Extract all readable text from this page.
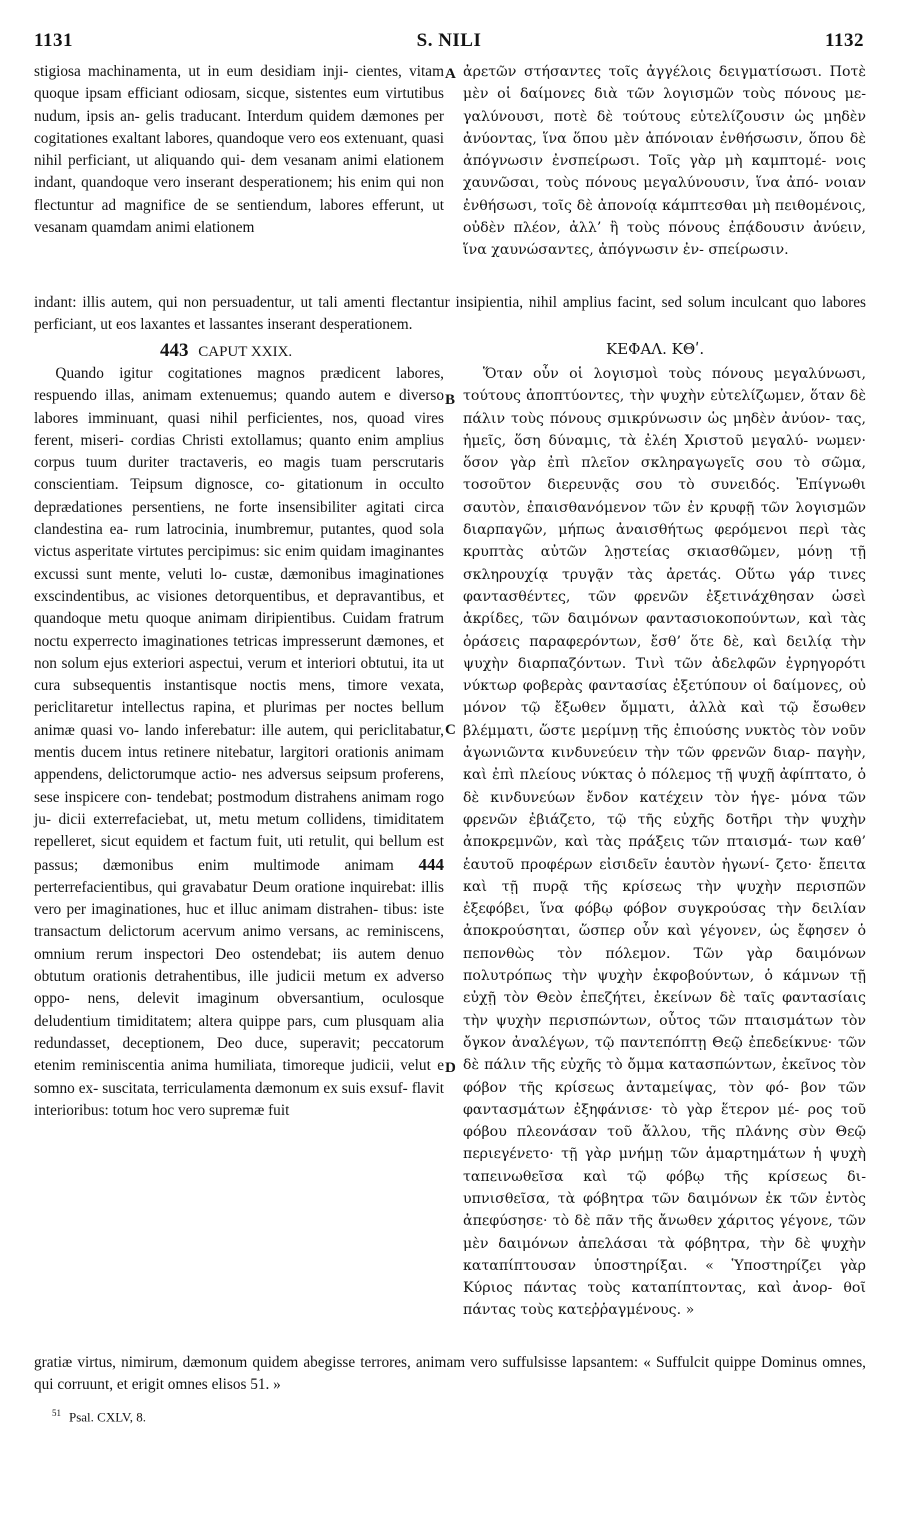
1131	S. NILI	1132

stigiosa machinamenta, ut in eum desidiam inji- cientes, vitam quoque ipsam efficiant odiosam, sicque, sistentes eum virtutibus nudum, ipsis an- gelis traducant. Interdum quidem dæmones per cogitationes exaltant labores, quandoque vero eos extenuant, quasi nihil perficiant, ut aliquando qui- dem vesanam animi elationem indant, quandoque vero inserant desperationem; his enim qui non flectuntur ad magnifice de se sentiendum, labores efferunt, ut vesanam quamdam animi elationem

ἀρετῶν στήσαντες τοῖς ἀγγέλοις δειγματίσωσι. Ποτὲ μὲν οἱ δαίμονες διὰ τῶν λογισμῶν τοὺς πόνους με- γαλύνουσι, ποτὲ δὲ τούτους εὐτελίζουσιν ὡς μηδὲν ἀνύοντας, ἵνα ὅπου μὲν ἀπόνοιαν ἐνθήσωσιν, ὅπου δὲ ἀπόγνωσιν ἐνσπείρωσι. Τοῖς γὰρ μὴ καμπτομέ- νοις χαυνῶσαι, τοὺς πόνους μεγαλύνουσιν, ἵνα ἀπό- νοιαν ἐνθήσωσι, τοῖς δὲ ἀπονοίᾳ κάμπτεσθαι μὴ πειθομένοις, οὐδὲν πλέον, ἀλλ’ ἢ τοὺς πόνους ἐπᾴδουσιν ἀνύειν, ἵνα χαυνώσαντες, ἀπόγνωσιν ἐν- σπείρωσιν.

A

indant: illis autem, qui non persuadentur, ut tali amenti flectantur insipientia, nihil amplius facint, sed solum inculcant quo labores perficiant, ut eos laxantes et lassantes inserant desperationem.

443 CAPUT XXIX.	ΚΕΦΑΛ. ΚΘʹ.

Quando igitur cogitationes magnos prædicent labores, respuendo illas, animam extenuemus; quando autem e diverso labores imminuant, quasi nihil perficientes, nos, quoad vires ferent, miseri- cordias Christi extollamus; quanto enim amplius corpus tuum duriter tractaveris, eo magis tuam perscrutaris conscientiam. Teipsum dignosce, co- gitationum in occulto deprædationes persentiens, ne forte insensibiliter agitati circa clandestina ea- rum latrocinia, inumbremur, putantes, quod sola victus asperitate virtutes percipimus: sic enim quidam imaginantes excussi sunt mente, veluti lo- custæ, dæmonibus imaginationes exscindentibus, ac visiones detorquentibus, et depravantibus, et quandoque metu quoque animam diripientibus. Cuidam fratrum noctu experrecto imaginationes tetricas impresserunt dæmones, et non solum ejus exteriori aspectui, verum et interiori obtutui, ita ut cura subsequentis instantisque noctis mens, timore vexata, periclitaretur intellectus rapina, et plurimas per noctes bellum animæ quasi vo- lando inferebatur: ille autem, qui periclitabatur, mentis ducem intus retinere nitebatur, largitori orationis animam appendens, delictorumque actio- nes adversus seipsum proferens, sese inspicere con- tendebat; postmodum distrahens animam rogo ju- dicii exterrefaciebat, ut, metu metum collidens, timiditatem repelleret, sicut equidem et factum fuit, uti retulit, qui bellum est passus; dæmonibus enim multimode animam 444 perterrefacientibus, qui gravabatur Deum oratione inquirebat: illis vero per imaginationes, huc et illuc animam distrahen- tibus: iste transactum delictorum acervum animo versans, ac reminiscens, omnium rerum inspectori Deo ostendebat; iis autem denuo obtutum orationis detrahentibus, ille judicii metum ex adverso oppo- nens, delevit imaginum obversantium, oculosque deludentium timiditatem; altera quippe pars, cum plusquam alia redundasset, deceptionem, Deo duce, superavit; peccatorum etenim reminiscentia anima humiliata, timoreque judicii, velut e somno ex- suscitata, terriculamenta dæmonum ex suis exsuf- flavit interioribus: totum hoc vero supremæ fuit

Ὅταν οὖν οἱ λογισμοὶ τοὺς πόνους μεγαλύνωσι, τούτους ἀποπτύοντες, τὴν ψυχὴν εὐτελίζωμεν, ὅταν δὲ πάλιν τοὺς πόνους σμικρύνωσιν ὡς μηδὲν ἀνύον- τας, ἡμεῖς, ὅση δύναμις, τὰ ἐλέη Χριστοῦ μεγαλύ- νωμεν· ὅσον γὰρ ἐπὶ πλεῖον σκληραγωγεῖς σου τὸ σῶμα, τοσοῦτον διερευνᾷς σου τὸ συνειδός. Ἐπίγνωθι σαυτὸν, ἐπαισθανόμενον τῶν ἐν κρυφῇ τῶν λογισμῶν διαρπαγῶν, μήπως ἀναισθήτως φερόμενοι περὶ τὰς κρυπτὰς αὐτῶν λῃστείας σκιασθῶμεν, μόνῃ τῇ σκληρουχίᾳ τρυγᾷν τὰς ἀρετάς. Οὕτω γάρ τινες φαντασθέντες, τῶν φρενῶν ἐξετινάχθησαν ὡσεὶ ἀκρίδες, τῶν δαιμόνων φαντασιοκοπούντων, καὶ τὰς ὁράσεις παραφερόντων, ἔσθ’ ὅτε δὲ, καὶ δειλίᾳ τὴν ψυχὴν διαρπαζόντων. Τινὶ τῶν ἀδελφῶν ἐγρηγορότι νύκτωρ φοβερὰς φαντασίας ἐξετύπουν οἱ δαίμονες, οὐ μόνον τῷ ἔξωθεν ὄμματι, ἀλλὰ καὶ τῷ ἔσωθεν βλέμματι, ὥστε μερίμνῃ τῆς ἐπιούσης νυκτὸς τὸν νοῦν ἀγωνιῶντα κινδυνεύειν τὴν τῶν φρενῶν διαρ- παγὴν, καὶ ἐπὶ πλείους νύκτας ὁ πόλεμος τῇ ψυχῇ ἀφίπτατο, ὁ δὲ κινδυνεύων ἔνδον κατέχειν τὸν ἡγε- μόνα τῶν φρενῶν ἐβιάζετο, τῷ τῆς εὐχῆς δοτῆρι τὴν ψυχὴν ἀποκρεμνῶν, καὶ τὰς πράξεις τῶν πταισμά- των καθ’ ἑαυτοῦ προφέρων εἰσιδεῖν ἑαυτὸν ἠγωνί- ζετο· ἔπειτα καὶ τῇ πυρᾷ τῆς κρίσεως τὴν ψυχὴν περισπῶν ἐξεφόβει, ἵνα φόβῳ φόβον συγκρούσας τὴν δειλίαν ἀποκρούσηται, ὥσπερ οὖν καὶ γέγονεν, ὡς ἔφησεν ὁ πεπονθὼς τὸν πόλεμον. Τῶν γὰρ δαιμόνων πολυτρόπως τὴν ψυχὴν ἐκφοβούντων, ὁ κάμνων τῇ εὐχῇ τὸν Θεὸν ἐπεζήτει, ἐκείνων δὲ ταῖς φαντασίαις τὴν ψυχὴν περισπώντων, οὗτος τῶν πταισμάτων τὸν ὄγκον ἀναλέγων, τῷ παντεπόπτῃ Θεῷ ἐπεδείκνυε· τῶν δὲ πάλιν τῆς εὐχῆς τὸ ὄμμα κατασπώντων, ἐκεῖνος τὸν φόβον τῆς κρίσεως ἀνταμείψας, τὸν φό- βον τῶν φαντασμάτων ἐξηφάνισε· τὸ γὰρ ἕτερον μέ- ρος τοῦ φόβου πλεονάσαν τοῦ ἄλλου, τῆς πλάνης σὺν Θεῷ περιεγένετο· τῇ γὰρ μνήμῃ τῶν ἁμαρτημάτων ἡ ψυχὴ ταπεινωθεῖσα καὶ τῷ φόβῳ τῆς κρίσεως δι- υπνισθεῖσα, τὰ φόβητρα τῶν δαιμόνων ἐκ τῶν ἐντὸς ἀπεφύσησε· τὸ δὲ πᾶν τῆς ἄνωθεν χάριτος γέγονε, τῶν μὲν δαιμόνων ἀπελάσαι τὰ φόβητρα, τὴν δὲ ψυχὴν καταπίπτουσαν ὑποστηρίξαι. « Ὑποστηρίζει γὰρ Κύριος πάντας τοὺς καταπίπτοντας, καὶ ἀνορ- θοῖ πάντας τοὺς κατεῤῥαγμένους. »

B
C
D

gratiæ virtus, nimirum, dæmonum quidem abegisse terrores, animam vero suffulsisse lapsantem: « Suffulcit quippe Dominus omnes, qui corruunt, et erigit omnes elisos 51. »

$^{51}$ Psal. CXLV, 8.
